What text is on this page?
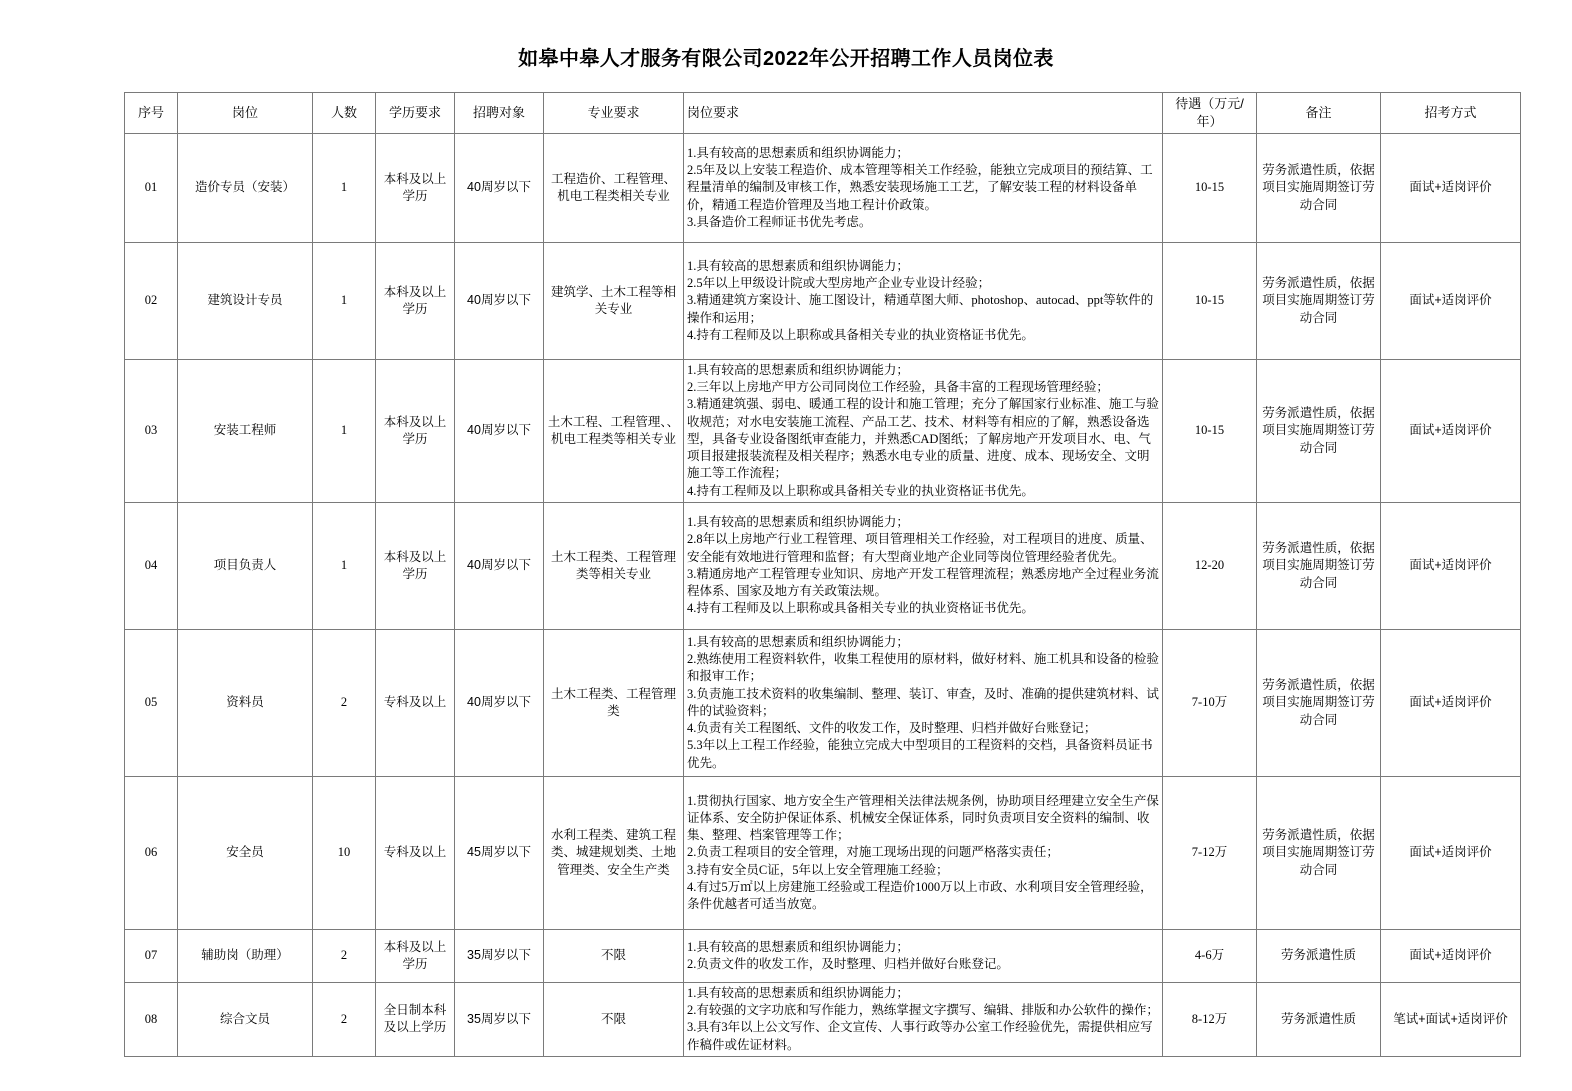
如皋中皋人才服务有限公司2022年公开招聘工作人员岗位表
序号	岗位	人数	学历要求	招聘对象	专业要求	岗位要求	待遇（万元/年）	备注	招考方式
01	造价专员（安装）	1	本科及以上学历	40周岁以下	工程造价、工程管理、机电工程类相关专业	1.具有较高的思想素质和组织协调能力；
2.5年及以上安装工程造价、成本管理等相关工作经验，能独立完成项目的预结算、工程量清单的编制及审核工作，熟悉安装现场施工工艺，了解安装工程的材料设备单价，精通工程造价管理及当地工程计价政策。
3.具备造价工程师证书优先考虑。	10-15	劳务派遣性质，依据项目实施周期签订劳动合同	面试+适岗评价
02	建筑设计专员	1	本科及以上学历	40周岁以下	建筑学、土木工程等相关专业	1.具有较高的思想素质和组织协调能力；
2.5年以上甲级设计院或大型房地产企业专业设计经验；
3.精通建筑方案设计、施工图设计，精通草图大师、photoshop、autocad、ppt等软件的操作和运用；
4.持有工程师及以上职称或具备相关专业的执业资格证书优先。	10-15	劳务派遣性质，依据项目实施周期签订劳动合同	面试+适岗评价
03	安装工程师	1	本科及以上学历	40周岁以下	土木工程、工程管理、、机电工程类等相关专业	1.具有较高的思想素质和组织协调能力；
2.三年以上房地产甲方公司同岗位工作经验，具备丰富的工程现场管理经验；
3.精通建筑强、弱电、暖通工程的设计和施工管理；充分了解国家行业标准、施工与验收规范；对水电安装施工流程、产品工艺、技术、材料等有相应的了解，熟悉设备选型，具备专业设备图纸审查能力，并熟悉CAD图纸；了解房地产开发项目水、电、气项目报建报装流程及相关程序；熟悉水电专业的质量、进度、成本、现场安全、文明施工等工作流程；
4.持有工程师及以上职称或具备相关专业的执业资格证书优先。	10-15	劳务派遣性质，依据项目实施周期签订劳动合同	面试+适岗评价
04	项目负责人	1	本科及以上学历	40周岁以下	土木工程类、工程管理类等相关专业	1.具有较高的思想素质和组织协调能力；
2.8年以上房地产行业工程管理、项目管理相关工作经验，对工程项目的进度、质量、安全能有效地进行管理和监督；有大型商业地产企业同等岗位管理经验者优先。
3.精通房地产工程管理专业知识、房地产开发工程管理流程；熟悉房地产全过程业务流程体系、国家及地方有关政策法规。
4.持有工程师及以上职称或具备相关专业的执业资格证书优先。	12-20	劳务派遣性质，依据项目实施周期签订劳动合同	面试+适岗评价
05	资料员	2	专科及以上	40周岁以下	土木工程类、工程管理类	1.具有较高的思想素质和组织协调能力；
2.熟练使用工程资料软件，收集工程使用的原材料，做好材料、施工机具和设备的检验和报审工作；
3.负责施工技术资料的收集编制、整理、装订、审查，及时、准确的提供建筑材料、试件的试验资料；
4.负责有关工程图纸、文件的收发工作，及时整理、归档并做好台账登记；
5.3年以上工程工作经验，能独立完成大中型项目的工程资料的交档，具备资料员证书优先。	7-10万	劳务派遣性质，依据项目实施周期签订劳动合同	面试+适岗评价
06	安全员	10	专科及以上	45周岁以下	水利工程类、建筑工程类、城建规划类、土地管理类、安全生产类	1.贯彻执行国家、地方安全生产管理相关法律法规条例，协助项目经理建立安全生产保证体系、安全防护保证体系、机械安全保证体系，同时负责项目安全资料的编制、收集、整理、档案管理等工作；
2.负责工程项目的安全管理，对施工现场出现的问题严格落实责任；
3.持有安全员C证，5年以上安全管理施工经验；
4.有过5万㎡以上房建施工经验或工程造价1000万以上市政、水利项目安全管理经验，条件优越者可适当放宽。	7-12万	劳务派遣性质，依据项目实施周期签订劳动合同	面试+适岗评价
07	辅助岗（助理）	2	本科及以上学历	35周岁以下	不限	1.具有较高的思想素质和组织协调能力；
2.负责文件的收发工作，及时整理、归档并做好台账登记。	4-6万	劳务派遣性质	面试+适岗评价
08	综合文员	2	全日制本科及以上学历	35周岁以下	不限	1.具有较高的思想素质和组织协调能力；
2.有较强的文字功底和写作能力，熟练掌握文字撰写、编辑、排版和办公软件的操作；
3.具有3年以上公文写作、企文宣传、人事行政等办公室工作经验优先，需提供相应写作稿件或佐证材料。	8-12万	劳务派遣性质	笔试+面试+适岗评价
